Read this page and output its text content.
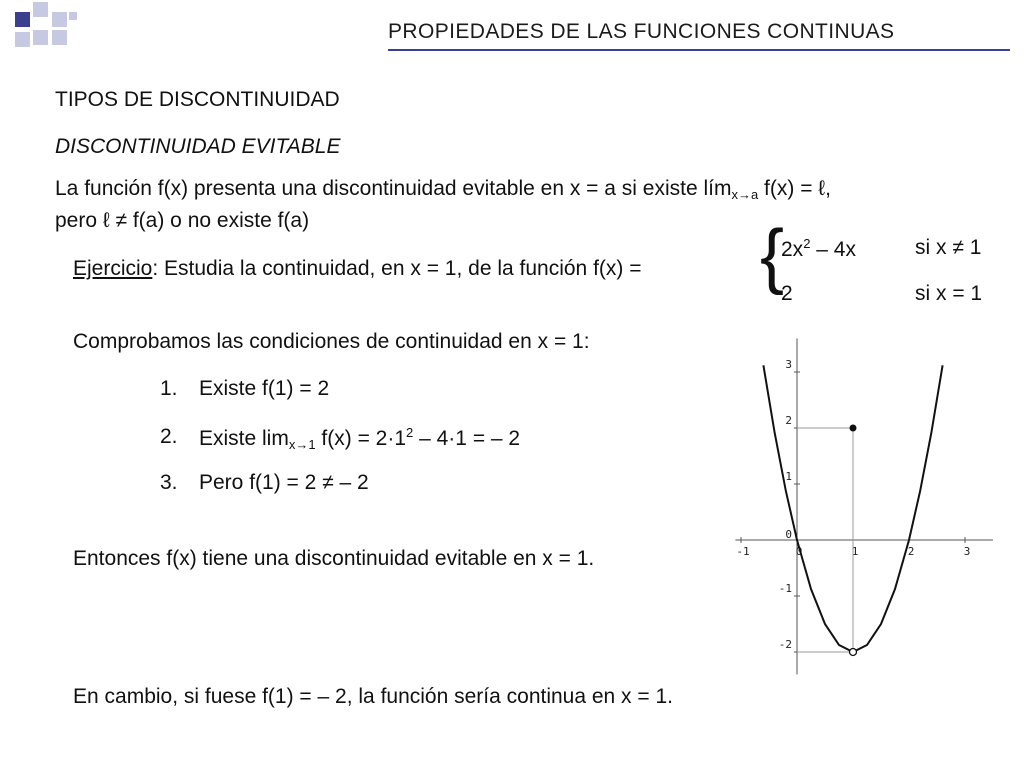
PROPIEDADES DE LAS FUNCIONES CONTINUAS
TIPOS DE DISCONTINUIDAD
DISCONTINUIDAD EVITABLE
La función f(x) presenta una discontinuidad evitable en x = a si existe lím$_{x\to a}$ f(x) = ℓ,
pero ℓ ≠ f(a) o no existe f(a)
Ejercicio: Estudia la continuidad, en x = 1, de la función f(x) = {
$2x^2 - 4x$	si x ≠ 1
2	si x = 1
Comprobamos las condiciones de continuidad en x = 1:
1. Existe f(1) = 2
2. Existe $\lim_{x\to 1} f(x) = 2\cdot 1^2 - 4\cdot 1$ = – 2
3. Pero f(1) = 2 ≠ – 2
Entonces f(x) tiene una discontinuidad evitable en x = 1.
En cambio, si fuese f(1) = – 2, la función sería continua en x = 1.
-1	0	1	2	3
3
2
1
0
-1
-2
